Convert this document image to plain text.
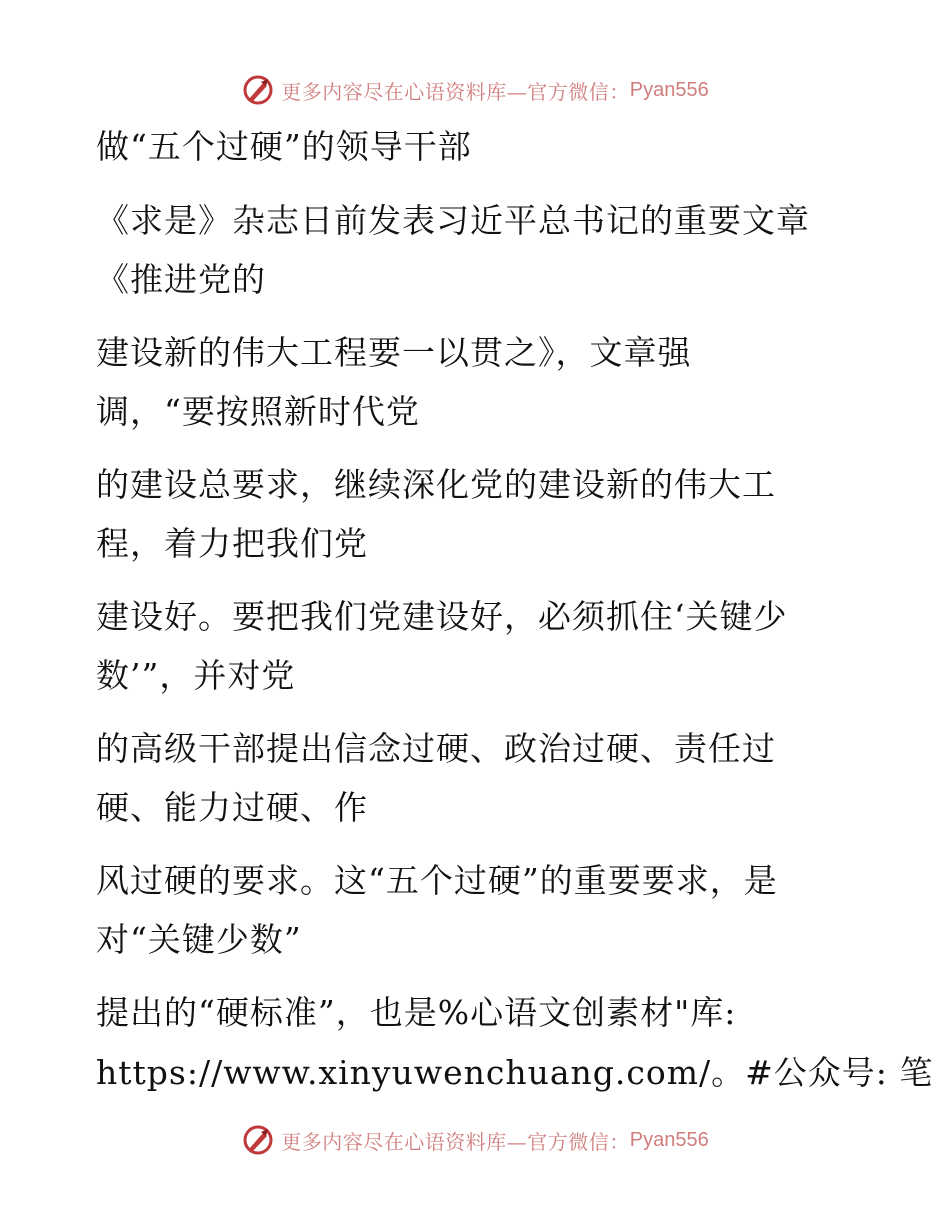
更多内容尽在心语资料库—官方微信： Pyan556
做“五个过硬”的领导干部
《求是》杂志日前发表习近平总书记的重要文章
《推进党的
建设新的伟大工程要一以贯之》，文章强
调，“要按照新时代党
的建设总要求，继续深化党的建设新的伟大工
程，着力把我们党
建设好。要把我们党建设好，必须抓住‘关键少
数’”，并对党
的高级干部提出信念过硬、政治过硬、责任过
硬、能力过硬、作
风过硬的要求。这“五个过硬”的重要要求，是
对“关键少数”
提出的“硬标准”，也是%心语文创素材"库:
https://www.xinyuwenchuang.com/。#公众号: 笔
更多内容尽在心语资料库—官方微信： Pyan556
